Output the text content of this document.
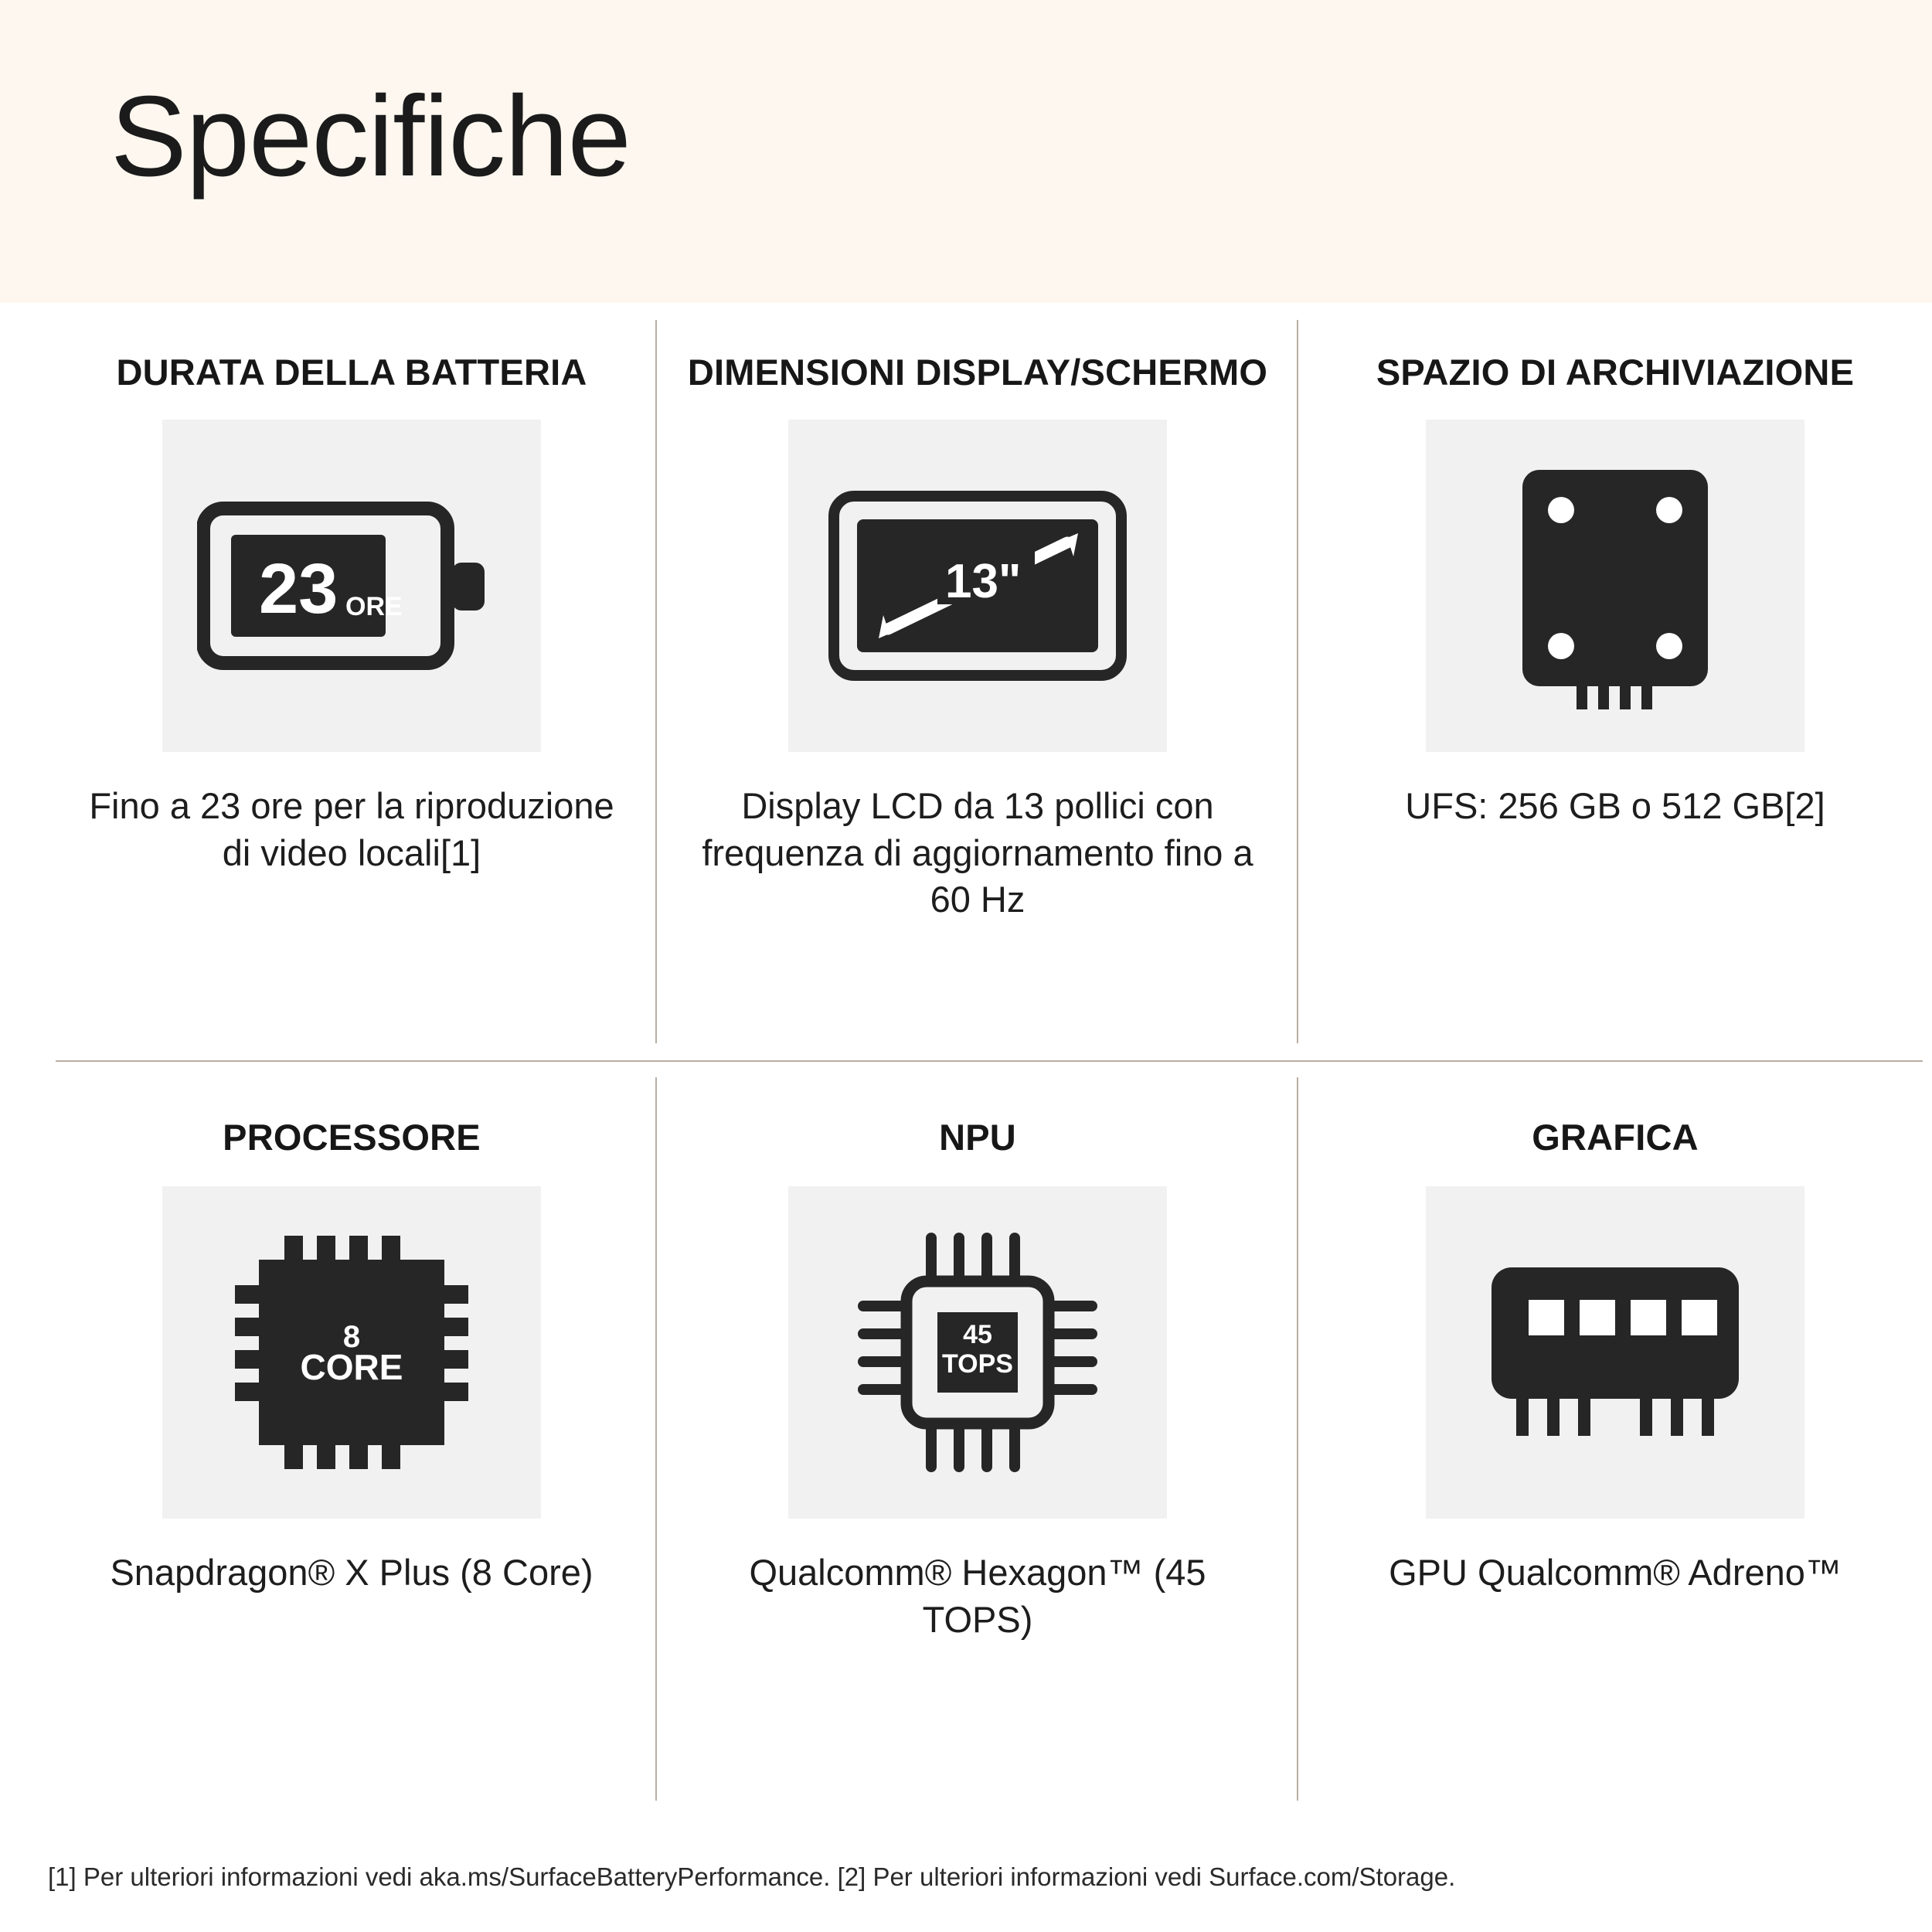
Specifiche
DURATA DELLA BATTERIA
23 ORE
Fino a 23 ore per la riproduzione di video locali[1]
DIMENSIONI DISPLAY/SCHERMO
13"
Display LCD da 13 pollici con frequenza di aggiornamento fino a 60 Hz
SPAZIO DI ARCHIVIAZIONE
UFS: 256 GB o 512 GB[2]
PROCESSORE
8
CORE
Snapdragon® X Plus (8 Core)
NPU
45
TOPS
Qualcomm® Hexagon™ (45 TOPS)
GRAFICA
GPU Qualcomm® Adreno™
[1] Per ulteriori informazioni vedi aka.ms/SurfaceBatteryPerformance. [2] Per ulteriori informazioni vedi Surface.com/Storage.
